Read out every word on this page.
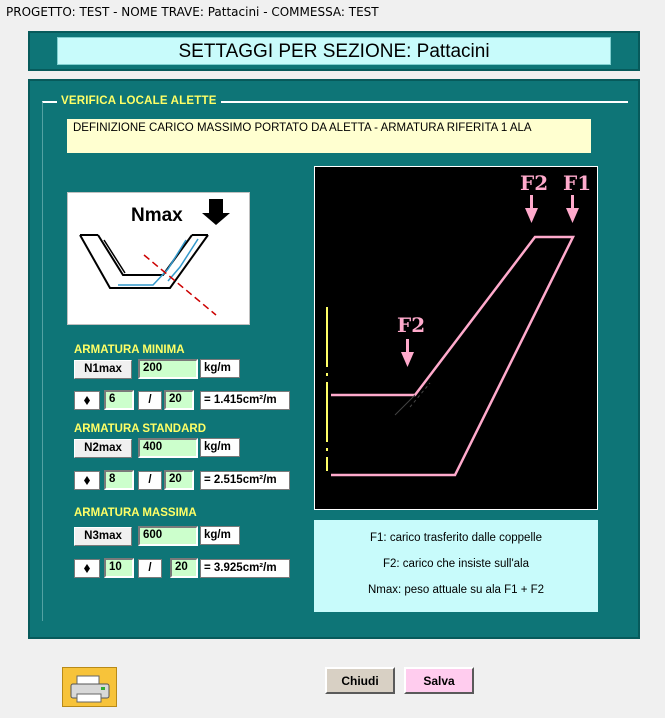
PROGETTO: TEST - NOME TRAVE: Pattacini - COMMESSA: TEST
SETTAGGI PER SEZIONE: Pattacini
VERIFICA LOCALE ALETTE
DEFINIZIONE CARICO MASSIMO PORTATO DA ALETTA - ARMATURA RIFERITA 1 ALA
Nmax
ARMATURA MINIMA
N1max	200	kg/m
6	/	20	= 1.415cm²/m
ARMATURA STANDARD
N2max	400	kg/m
8	/	20	= 2.515cm²/m
ARMATURA MASSIMA
N3max	600	kg/m
10	/	20	= 3.925cm²/m
F2 F1
F2
F1: carico trasferito dalle coppelle
F2: carico che insiste sull'ala
Nmax: peso attuale su ala F1 + F2
Chiudi	Salva
